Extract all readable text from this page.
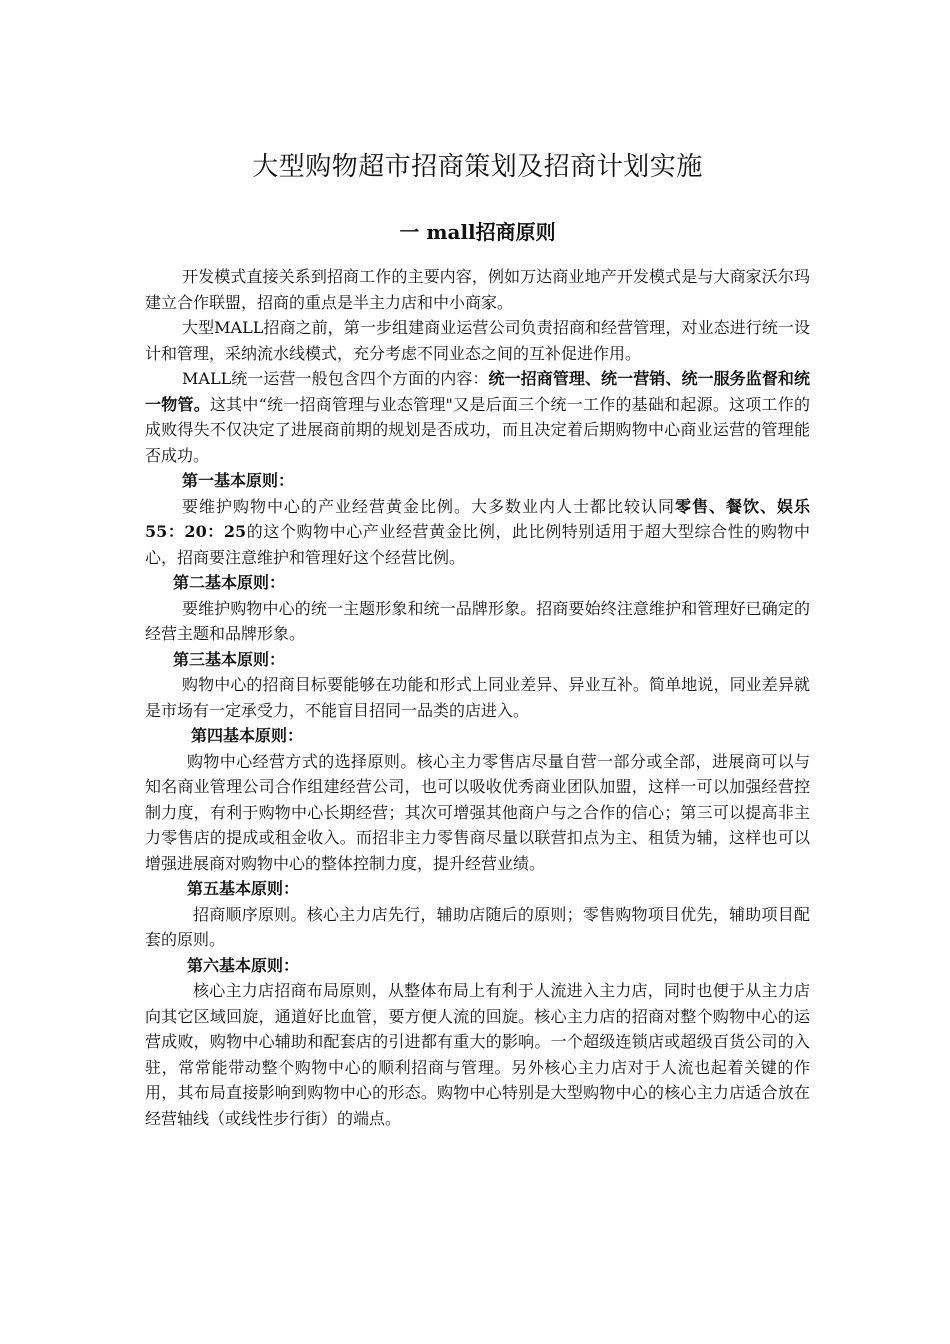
大型购物超市招商策划及招商计划实施
一 mall招商原则

开发模式直接关系到招商工作的主要内容，例如万达商业地产开发模式是与大商家沃尔玛建立合作联盟，招商的重点是半主力店和中小商家。

大型MALL招商之前，第一步组建商业运营公司负责招商和经营管理，对业态进行统一设计和管理，采纳流水线模式，充分考虑不同业态之间的互补促进作用。

MALL统一运营一般包含四个方面的内容：统一招商管理、统一营销、统一服务监督和统一物管。这其中“统一招商管理与业态管理"又是后面三个统一工作的基础和起源。这项工作的成败得失不仅决定了进展商前期的规划是否成功，而且决定着后期购物中心商业运营的管理能否成功。

第一基本原则：

要维护购物中心的产业经营黄金比例。大多数业内人士都比较认同零售、餐饮、娱乐55：20：25的这个购物中心产业经营黄金比例，此比例特别适用于超大型综合性的购物中心，招商要注意维护和管理好这个经营比例。

第二基本原则：

要维护购物中心的统一主题形象和统一品牌形象。招商要始终注意维护和管理好已确定的经营主题和品牌形象。

第三基本原则：

购物中心的招商目标要能够在功能和形式上同业差异、异业互补。简单地说，同业差异就是市场有一定承受力，不能盲目招同一品类的店进入。

第四基本原则：

购物中心经营方式的选择原则。核心主力零售店尽量自营一部分或全部，进展商可以与知名商业管理公司合作组建经营公司，也可以吸收优秀商业团队加盟，这样一可以加强经营控制力度，有利于购物中心长期经营；其次可增强其他商户与之合作的信心；第三可以提高非主力零售店的提成或租金收入。而招非主力零售商尽量以联营扣点为主、租赁为辅，这样也可以增强进展商对购物中心的整体控制力度，提升经营业绩。

第五基本原则：

招商顺序原则。核心主力店先行，辅助店随后的原则；零售购物项目优先，辅助项目配套的原则。

第六基本原则：

核心主力店招商布局原则，从整体布局上有利于人流进入主力店，同时也便于从主力店向其它区域回旋，通道好比血管，要方便人流的回旋。核心主力店的招商对整个购物中心的运营成败，购物中心辅助和配套店的引进都有重大的影响。一个超级连锁店或超级百货公司的入驻，常常能带动整个购物中心的顺利招商与管理。另外核心主力店对于人流也起着关键的作用，其布局直接影响到购物中心的形态。购物中心特别是大型购物中心的核心主力店适合放在经营轴线（或线性步行街）的端点。
